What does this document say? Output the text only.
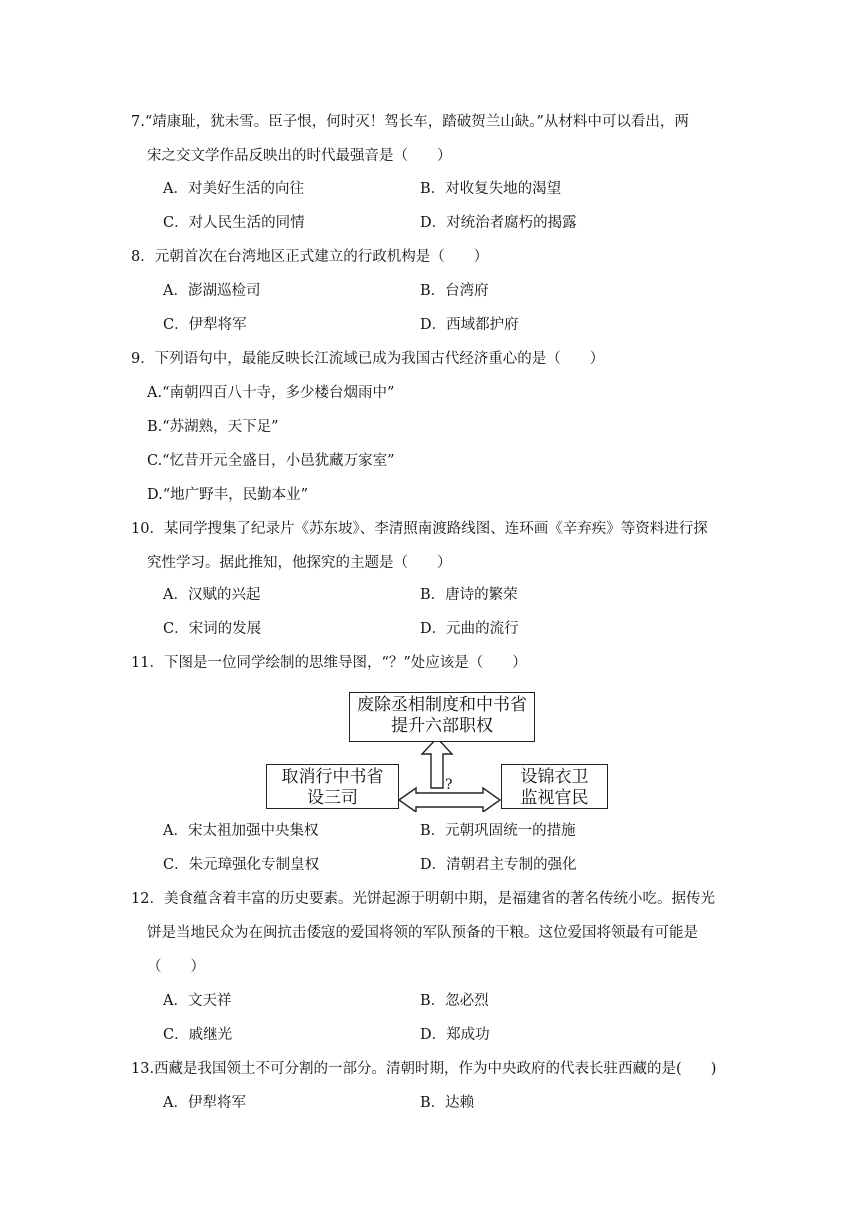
7.“靖康耻，犹未雪。臣子恨，何时灭！驾长车，踏破贺兰山缺。”从材料中可以看出，两
宋之交文学作品反映出的时代最强音是（　　）
A．对美好生活的向往	B．对收复失地的渴望
C．对人民生活的同情	D．对统治者腐朽的揭露
8．元朝首次在台湾地区正式建立的行政机构是（　　）
A．澎湖巡检司	B．台湾府
C．伊犁将军	D．西域都护府
9．下列语句中，最能反映长江流域已成为我国古代经济重心的是（　　）
A.“南朝四百八十寺，多少楼台烟雨中”
B.“苏湖熟，天下足”
C.“忆昔开元全盛日，小邑犹藏万家室”
D.“地广野丰，民勤本业”
10．某同学搜集了纪录片《苏东坡》、李清照南渡路线图、连环画《辛弃疾》等资料进行探
究性学习。据此推知，他探究的主题是（　　）
A．汉赋的兴起	B．唐诗的繁荣
C．宋词的发展	D．元曲的流行
11．下图是一位同学绘制的思维导图，“？”处应该是（　　）
废除丞相制度和中书省
提升六部职权
取消行中书省
设三司
设锦衣卫
监视官民
?
A．宋太祖加强中央集权	B．元朝巩固统一的措施
C．朱元璋强化专制皇权	D．清朝君主专制的强化
12．美食蕴含着丰富的历史要素。光饼起源于明朝中期，是福建省的著名传统小吃。据传光
饼是当地民众为在闽抗击倭寇的爱国将领的军队预备的干粮。这位爱国将领最有可能是
（　　）
A．文天祥	B．忽必烈
C．戚继光	D．郑成功
13.西藏是我国领土不可分割的一部分。清朝时期，作为中央政府的代表长驻西藏的是(　　)
A．伊犁将军	B．达赖
